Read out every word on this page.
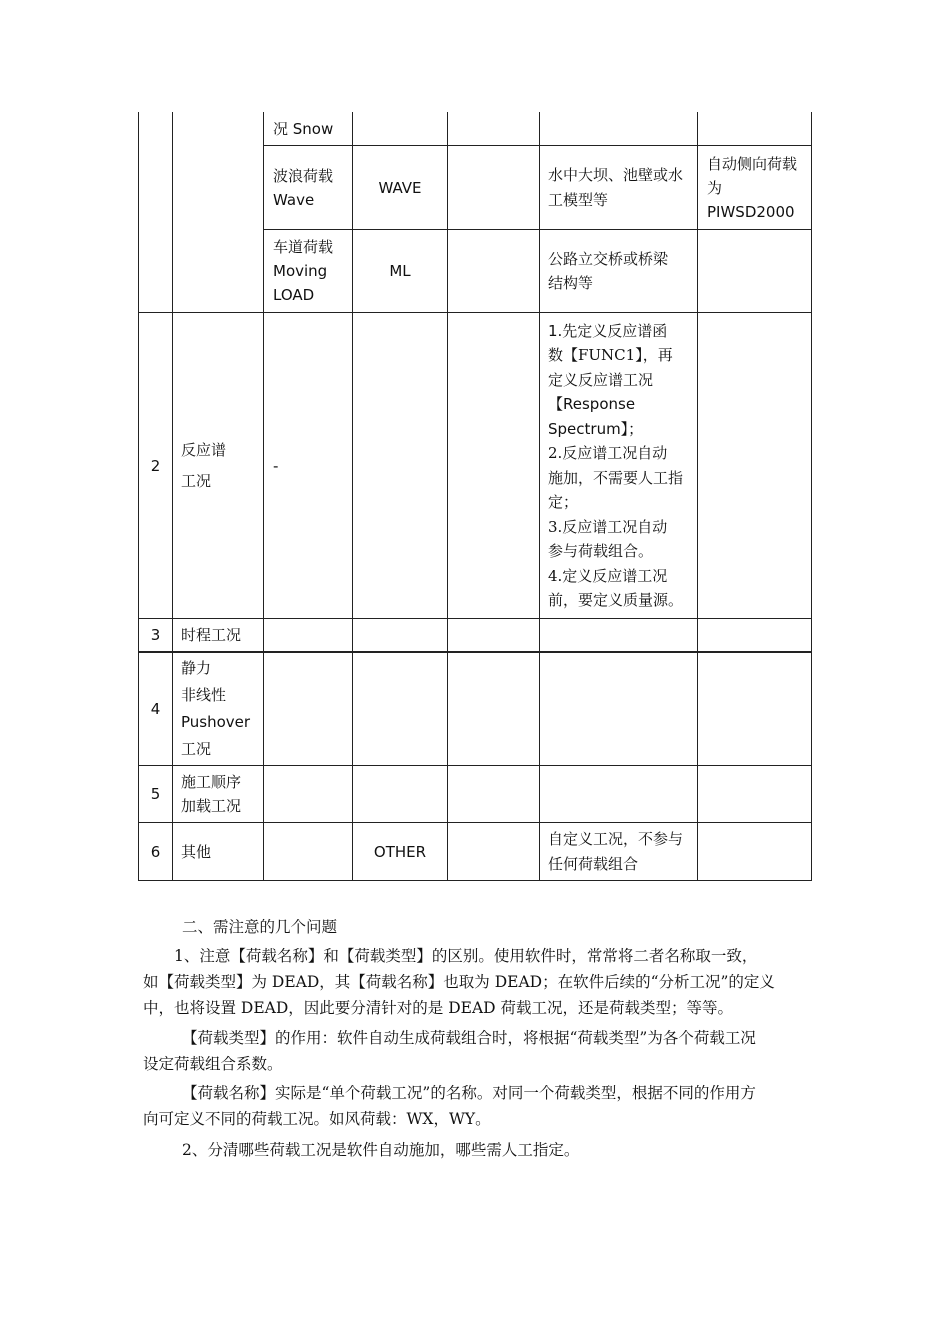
况 Snow
波浪荷载
Wave
WAVE
水中大坝、池壁或水
工模型等
自动侧向荷载
为
PIWSD2000
车道荷载
Moving
LOAD
ML
公路立交桥或桥梁
结构等
2
反应谱
工况
-
1.先定义反应谱函
数【FUNC1】，再
定义反应谱工况
【Response
Spectrum】；
2.反应谱工况自动
施加，不需要人工指
定；
3.反应谱工况自动
参与荷载组合。
4.定义反应谱工况
前，要定义质量源。
3 时程工况
4
静力
非线性
Pushover
工况
5
施工顺序
加载工况
6 其他	OTHER
自定义工况，不参与
任何荷载组合

二、需注意的几个问题

1、注意【荷载名称】和【荷载类型】的区别。使用软件时，常常将二者名称取一致，
如【荷载类型】为 DEAD，其【荷载名称】也取为 DEAD；在软件后续的“分析工况”的定义
中，也将设置 DEAD，因此要分清针对的是 DEAD 荷载工况，还是荷载类型；等等。

【荷载类型】的作用：软件自动生成荷载组合时，将根据“荷载类型”为各个荷载工况
设定荷载组合系数。

【荷载名称】实际是“单个荷载工况”的名称。对同一个荷载类型，根据不同的作用方
向可定义不同的荷载工况。如风荷载：WX，WY。

2、分清哪些荷载工况是软件自动施加，哪些需人工指定。
